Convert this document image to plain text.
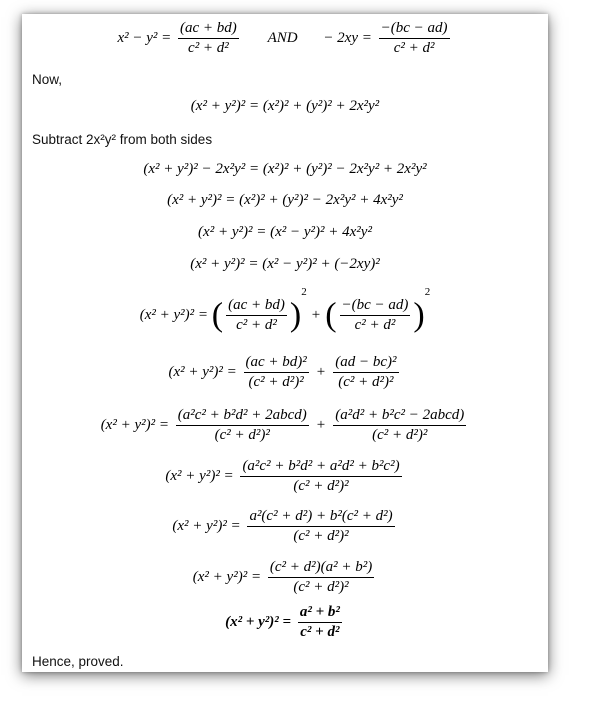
$x^2 - y^2 = \frac{(ac + bd)}{\text{c² + d²}}$ AND − $2xy = \frac{-(bc - ad)}{\text{c² + d²}}$
Now,
(x² + y²)² = (x²)² + (y²)² + 2x²y²
Subtract 2x²y² from both sides
(x² + y²)² − 2x²y² = (x²)² + (y²)² − 2x²y² + 2x²y²
(x² + y²)² = (x²)² + (y²)² − 2x²y² + 4x²y²
(x² + y²)² = (x² − y²)² + 4x²y²
(x² + y²)² = (x² − y²)² + (−2xy)²
(x² + y²)² = ( $\frac{(ac + bd)}{\text{c² + d²}} )^2+$ ( $\frac{-(bc - ad)}{\text{c² + d²}} )^2$
$(x^2 + y^2)^2 = \frac{\text{(ac + bd)²}}{\text{(c² + d²)²}} + \frac{\text{(ad − bc)²}}{\text{(c² + d²)²}}$
$(x^2 + y^2)^2 = \frac{\text{(a²c² + b²d² + 2abcd)}}{\text{(c² + d²)²}} + \frac{\text{(a²d² + b²c² − 2abcd)}}{\text{(c² + d²)²}}$
$(x^2 + y^2)^2 = \frac{\text{(a²c² + b²d² + a²d² + b²c²)}}{\text{(c² + d²)²}}$
$(x^2 + y^2)^2 = \frac{\text{a²(c² + d²) + b²(c² + d²)}}{\text{(c² + d²)²}}$
$(x^2 + y^2)^2 = \frac{\text{(c² + d²)(a² + b²)}}{\text{(c² + d²)²}}$
$(x^2 + y^2)^2 = \frac{\text{a² + b²}}{\text{c² + d²}}$
Hence, proved.
